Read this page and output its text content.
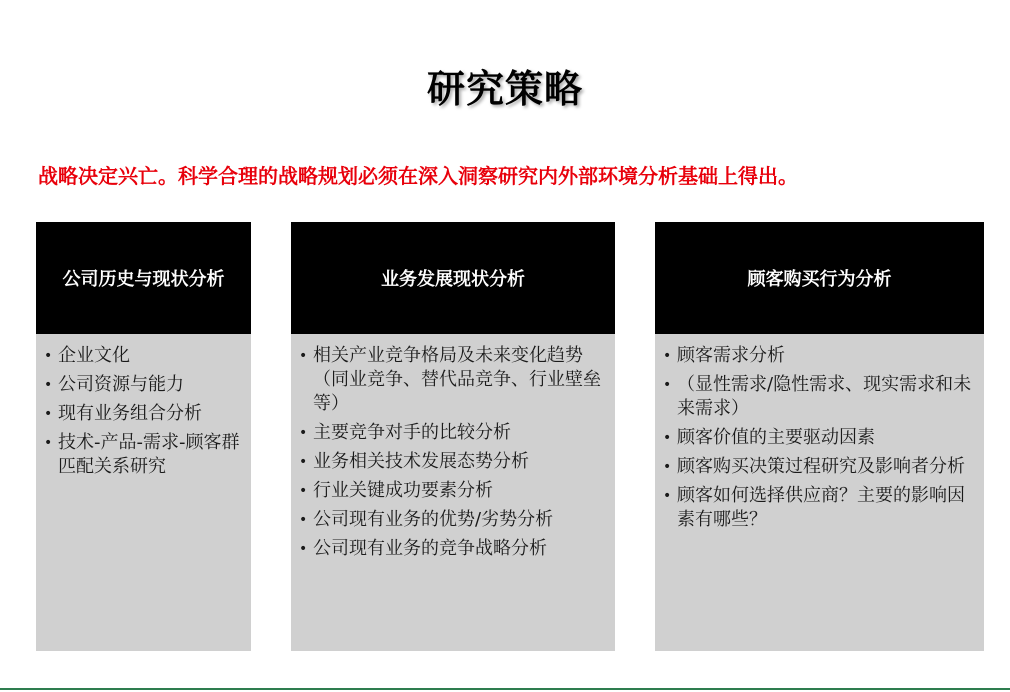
研究策略
战略决定兴亡。科学合理的战略规划必须在深入洞察研究内外部环境分析基础上得出。
公司历史与现状分析
• 企业文化
• 公司资源与能力
• 现有业务组合分析
• 技术-产品-需求-顾客群匹配关系研究
业务发展现状分析
• 相关产业竞争格局及未来变化趋势（同业竞争、替代品竞争、行业壁垒等）
• 主要竞争对手的比较分析
• 业务相关技术发展态势分析
• 行业关键成功要素分析
• 公司现有业务的优势/劣势分析
• 公司现有业务的竞争战略分析
顾客购买行为分析
• 顾客需求分析
• （显性需求/隐性需求、现实需求和未来需求）
• 顾客价值的主要驱动因素
• 顾客购买决策过程研究及影响者分析
• 顾客如何选择供应商？主要的影响因素有哪些？
